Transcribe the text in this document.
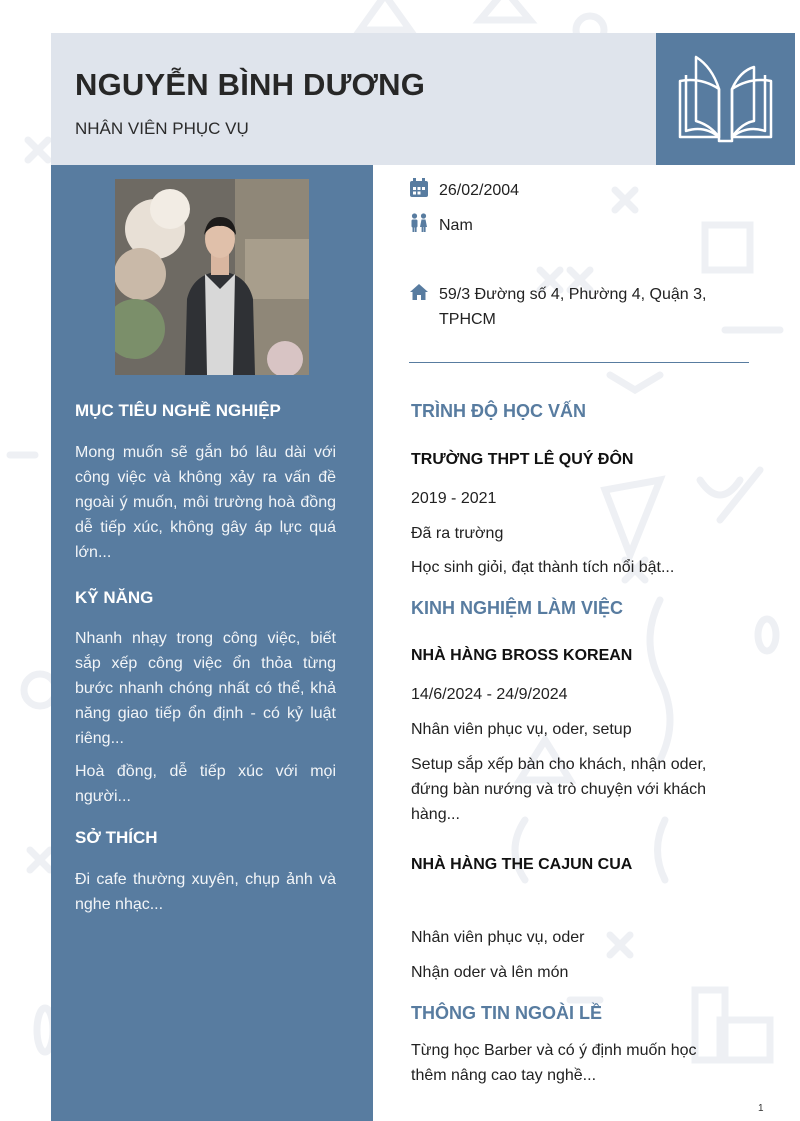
NGUYỄN BÌNH DƯƠNG
NHÂN VIÊN PHỤC VỤ
MỤC TIÊU NGHỀ NGHIỆP

Mong muốn sẽ gắn bó lâu dài với công việc và không xảy ra vấn đề ngoài ý muốn, môi trường hoà đồng dễ tiếp xúc, không gây áp lực quá lớn...

KỸ NĂNG

Nhanh nhạy trong công việc, biết sắp xếp công việc ổn thỏa từng bước nhanh chóng nhất có thể, khả năng giao tiếp ổn định - có kỷ luật riêng...

Hoà đồng, dễ tiếp xúc với mọi người...

SỞ THÍCH

Đi cafe thường xuyên, chụp ảnh và nghe nhạc...

26/02/2004
Nam
59/3 Đường số 4, Phường 4, Quận 3, TPHCM
TRÌNH ĐỘ HỌC VẤN
TRƯỜNG THPT LÊ QUÝ ĐÔN

2019 - 2021

Đã ra trường

Học sinh giỏi, đạt thành tích nổi bật...

KINH NGHIỆM LÀM VIỆC
NHÀ HÀNG BROSS KOREAN

14/6/2024 - 24/9/2024

Nhân viên phục vụ, oder, setup

Setup sắp xếp bàn cho khách, nhận oder, đứng bàn nướng và trò chuyện với khách hàng...

NHÀ HÀNG THE CAJUN CUA

Nhân viên phục vụ, oder

Nhận oder và lên món

THÔNG TIN NGOÀI LỀ

Từng học Barber và có ý định muốn học thêm nâng cao tay nghề...

1
